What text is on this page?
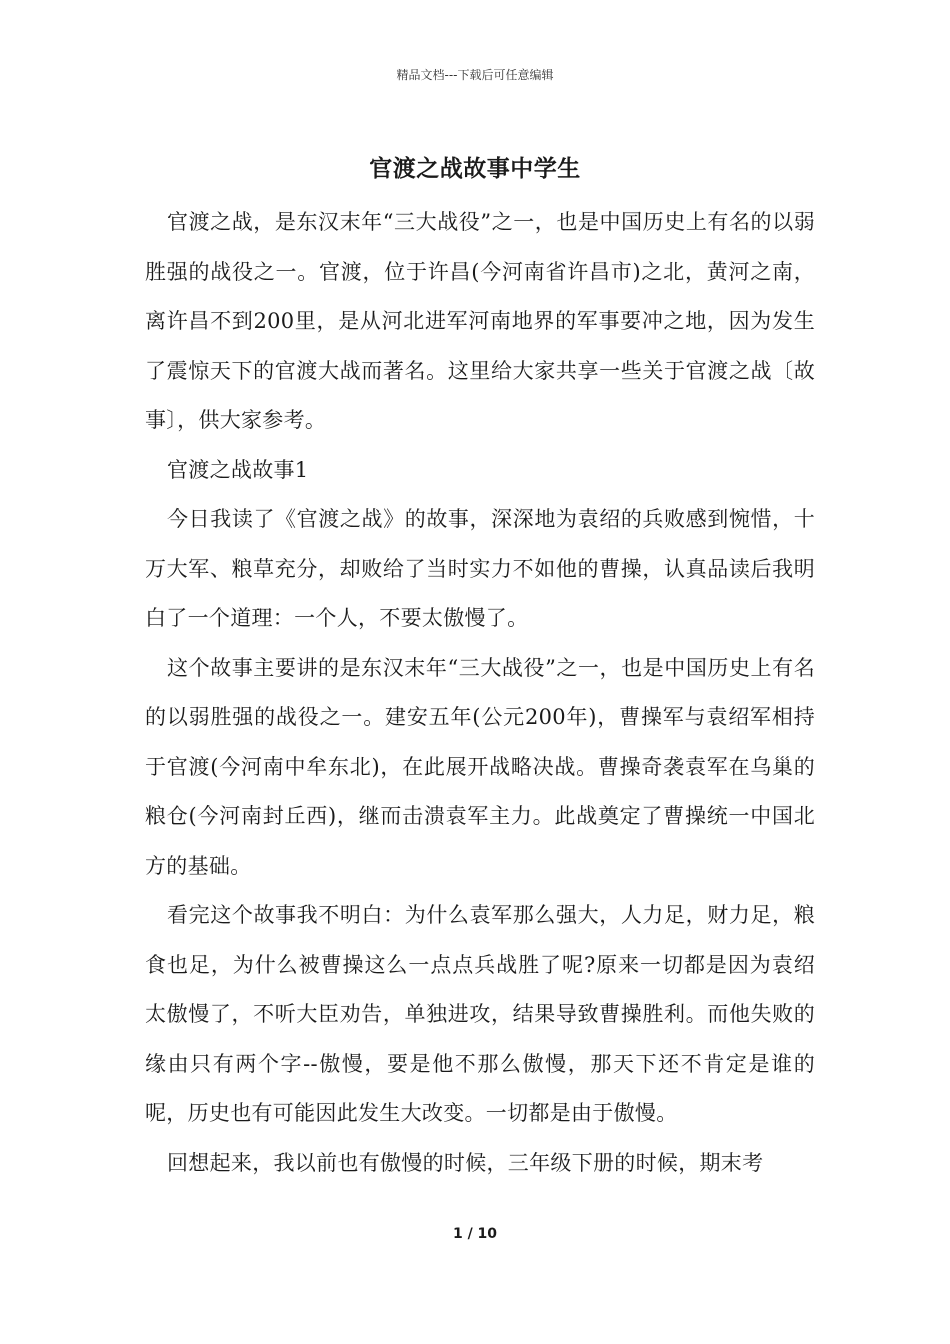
精品文档---下载后可任意编辑
官渡之战故事中学生

官渡之战，是东汉末年“三大战役”之一，也是中国历史上有名的以弱胜强的战役之一。官渡，位于许昌(今河南省许昌市)之北，黄河之南，离许昌不到200里，是从河北进军河南地界的军事要冲之地，因为发生了震惊天下的官渡大战而著名。这里给大家共享一些关于官渡之战〔故事〕，供大家参考。

官渡之战故事1

今日我读了《官渡之战》的故事，深深地为袁绍的兵败感到惋惜，十万大军、粮草充分，却败给了当时实力不如他的曹操，认真品读后我明白了一个道理：一个人，不要太傲慢了。

这个故事主要讲的是东汉末年“三大战役”之一，也是中国历史上有名的以弱胜强的战役之一。建安五年(公元200年)，曹操军与袁绍军相持于官渡(今河南中牟东北)，在此展开战略决战。曹操奇袭袁军在乌巢的粮仓(今河南封丘西)，继而击溃袁军主力。此战奠定了曹操统一中国北方的基础。

看完这个故事我不明白：为什么袁军那么强大，人力足，财力足，粮食也足，为什么被曹操这么一点点兵战胜了呢?原来一切都是因为袁绍太傲慢了，不听大臣劝告，单独进攻，结果导致曹操胜利。而他失败的缘由只有两个字--傲慢，要是他不那么傲慢，那天下还不肯定是谁的呢，历史也有可能因此发生大改变。一切都是由于傲慢。

回想起来，我以前也有傲慢的时候，三年级下册的时候，期末考

1 / 10
